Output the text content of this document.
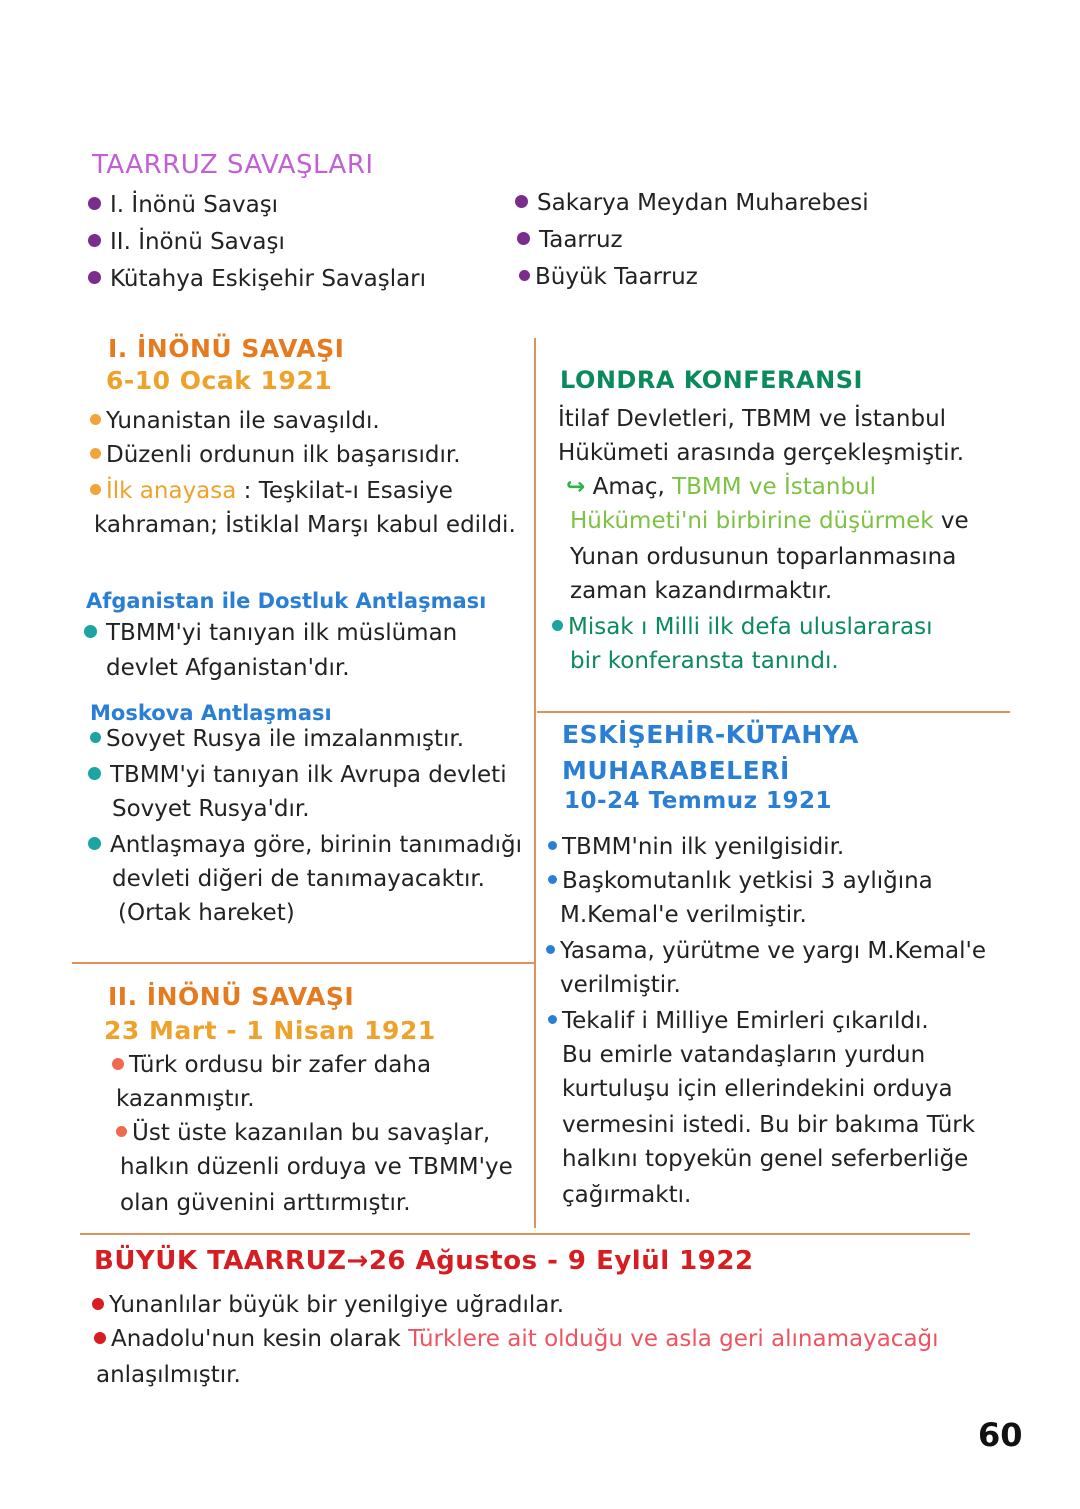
TAARRUZ SAVAŞLARI
I. İnönü Savaşı
II. İnönü Savaşı
Kütahya Eskişehir Savaşları
Sakarya Meydan Muharebesi
Taarruz
Büyük Taarruz
I. İNÖNÜ SAVAŞI
6-10 Ocak 1921
Yunanistan ile savaşıldı.
Düzenli ordunun ilk başarısıdır.
İlk anayasa : Teşkilat-ı Esasiye
kahraman; İstiklal Marşı kabul edildi.
Afganistan ile Dostluk Antlaşması
TBMM'yi tanıyan ilk müslüman
devlet Afganistan'dır.
Moskova Antlaşması
Sovyet Rusya ile imzalanmıştır.
TBMM'yi tanıyan ilk Avrupa devleti
Sovyet Rusya'dır.
Antlaşmaya göre, birinin tanımadığı
devleti diğeri de tanımayacaktır.
(Ortak hareket)
II. İNÖNÜ SAVAŞI
23 Mart - 1 Nisan 1921
Türk ordusu bir zafer daha
kazanmıştır.
Üst üste kazanılan bu savaşlar,
halkın düzenli orduya ve TBMM'ye
olan güvenini arttırmıştır.
LONDRA KONFERANSI
İtilaf Devletleri, TBMM ve İstanbul
Hükümeti arasında gerçekleşmiştir.
↪ Amaç, TBMM ve İstanbul
Hükümeti'ni birbirine düşürmek ve
Yunan ordusunun toparlanmasına
zaman kazandırmaktır.
Misak ı Milli ilk defa uluslararası
bir konferansta tanındı.
ESKİŞEHİR-KÜTAHYA
MUHARABELERİ
10-24 Temmuz 1921
TBMM'nin ilk yenilgisidir.
Başkomutanlık yetkisi 3 aylığına
M.Kemal'e verilmiştir.
Yasama, yürütme ve yargı M.Kemal'e
verilmiştir.
Tekalif i Milliye Emirleri çıkarıldı.
Bu emirle vatandaşların yurdun
kurtuluşu için ellerindekini orduya
vermesini istedi. Bu bir bakıma Türk
halkını topyekün genel seferberliğe
çağırmaktı.
BÜYÜK TAARRUZ→26 Ağustos - 9 Eylül 1922
Yunanlılar büyük bir yenilgiye uğradılar.
Anadolu'nun kesin olarak Türklere ait olduğu ve asla geri alınamayacağı
anlaşılmıştır.
60
